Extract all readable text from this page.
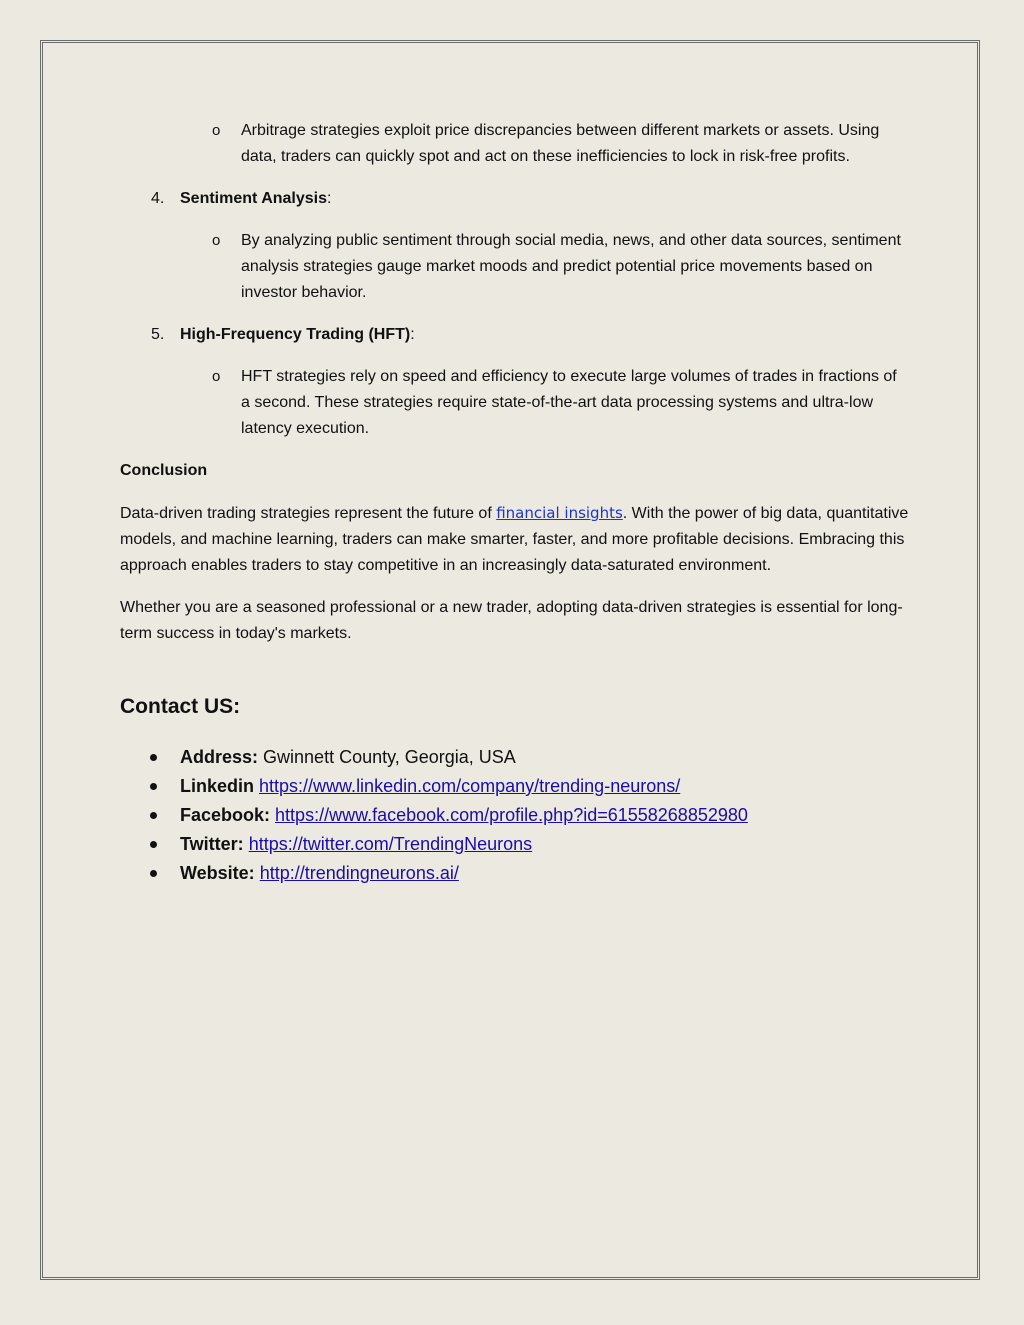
o Arbitrage strategies exploit price discrepancies between different markets or assets. Using data, traders can quickly spot and act on these inefficiencies to lock in risk-free profits.
4. Sentiment Analysis:
o By analyzing public sentiment through social media, news, and other data sources, sentiment analysis strategies gauge market moods and predict potential price movements based on investor behavior.
5. High-Frequency Trading (HFT):
o HFT strategies rely on speed and efficiency to execute large volumes of trades in fractions of a second. These strategies require state-of-the-art data processing systems and ultra-low latency execution.

Conclusion

Data-driven trading strategies represent the future of financial insights. With the power of big data, quantitative models, and machine learning, traders can make smarter, faster, and more profitable decisions. Embracing this approach enables traders to stay competitive in an increasingly data-saturated environment.

Whether you are a seasoned professional or a new trader, adopting data-driven strategies is essential for long-term success in today's markets.

Contact US:
Address: Gwinnett County, Georgia, USA
Linkedin https://www.linkedin.com/company/trending-neurons/
Facebook: https://www.facebook.com/profile.php?id=61558268852980
Twitter: https://twitter.com/TrendingNeurons
Website: http://trendingneurons.ai/
